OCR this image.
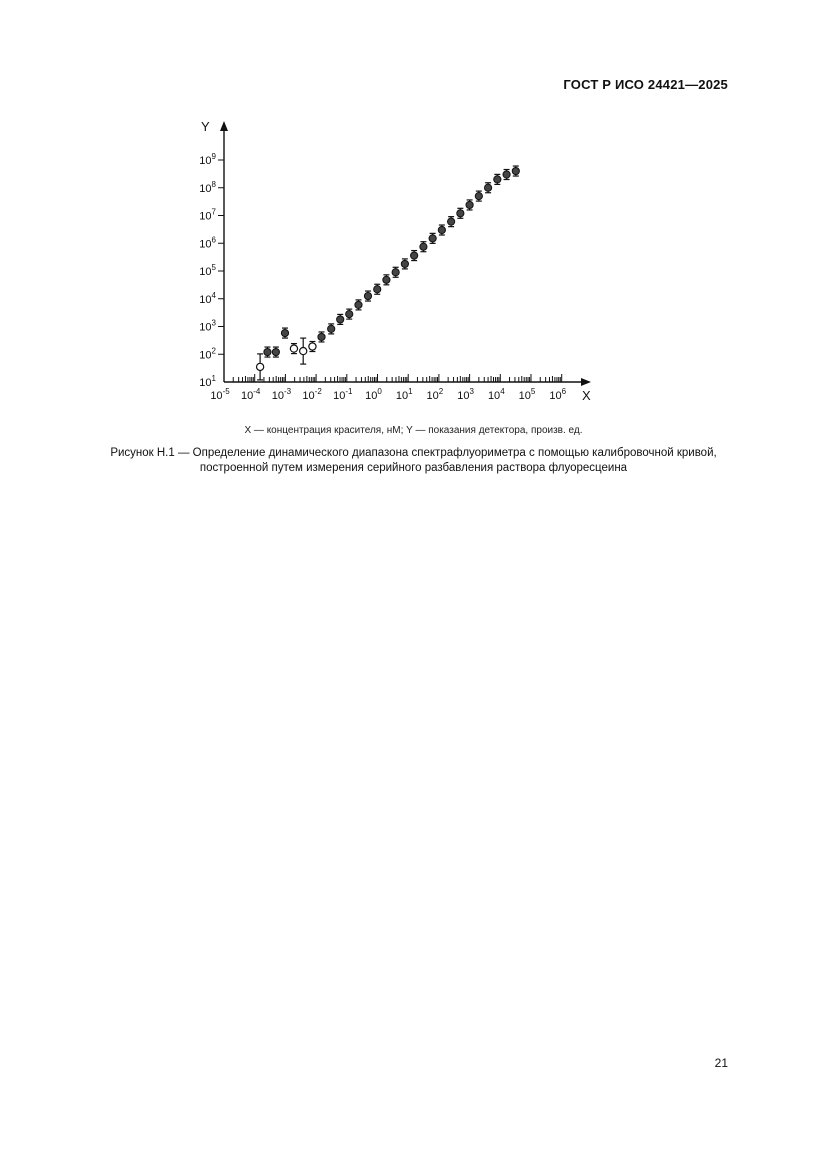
ГОСТ Р ИСО 24421—2025
Y
X
$10^1$
$10^2$
$10^3$
$10^4$
$10^5$
$10^6$
$10^7$
$10^8$
$10^9$
$10^{-5}$ $10^{-4}$ $10^{-3}$ $10^{-2}$ $10^{-1}$ $10^0$ $10^1$ $10^2$ $10^3$ $10^4$ $10^5$ $10^6$
X — концентрация красителя, нМ; Y — показания детектора, произв. ед.
Рисунок Н.1 — Определение динамического диапазона спектрафлуориметра с помощью калибровочной кривой,
построенной путем измерения серийного разбавления раствора флуоресцеина
21
